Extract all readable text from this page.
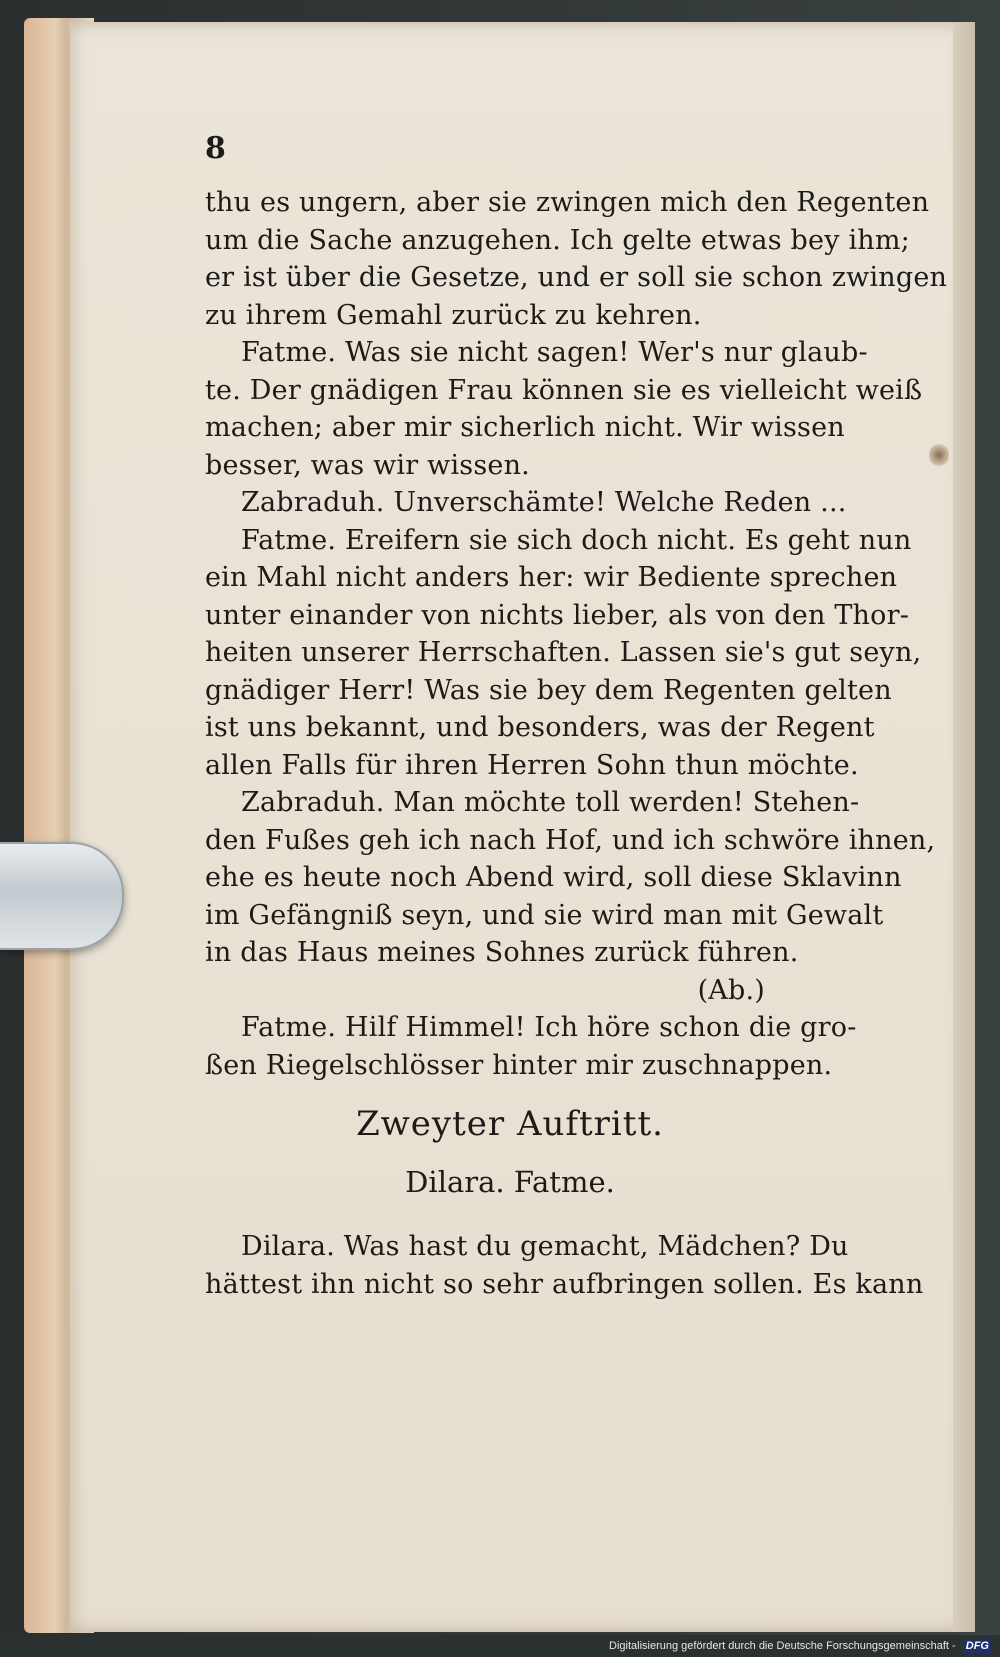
8
thu es ungern, aber sie zwingen mich den Regenten
um die Sache anzugehen. Ich gelte etwas bey ihm;
er ist über die Gesetze, und er soll sie schon zwingen
zu ihrem Gemahl zurück zu kehren.
Fatme. Was sie nicht sagen! Wer's nur glaub-
te. Der gnädigen Frau können sie es vielleicht weiß
machen; aber mir sicherlich nicht. Wir wissen
besser, was wir wissen.
Zabraduh. Unverschämte! Welche Reden ...
Fatme. Ereifern sie sich doch nicht. Es geht nun
ein Mahl nicht anders her: wir Bediente sprechen
unter einander von nichts lieber, als von den Thor-
heiten unserer Herrschaften. Lassen sie's gut seyn,
gnädiger Herr! Was sie bey dem Regenten gelten
ist uns bekannt, und besonders, was der Regent
allen Falls für ihren Herren Sohn thun möchte.
Zabraduh. Man möchte toll werden! Stehen-
den Fußes geh ich nach Hof, und ich schwöre ihnen,
ehe es heute noch Abend wird, soll diese Sklavinn
im Gefängniß seyn, und sie wird man mit Gewalt
in das Haus meines Sohnes zurück führen.
(Ab.)
Fatme. Hilf Himmel! Ich höre schon die gro-
ßen Riegelschlösser hinter mir zuschnappen.
Zweyter Auftritt.
Dilara. Fatme.
Dilara. Was hast du gemacht, Mädchen? Du
hättest ihn nicht so sehr aufbringen sollen. Es kann
Digitalisierung gefördert durch die Deutsche Forschungsgemeinschaft - DFG
